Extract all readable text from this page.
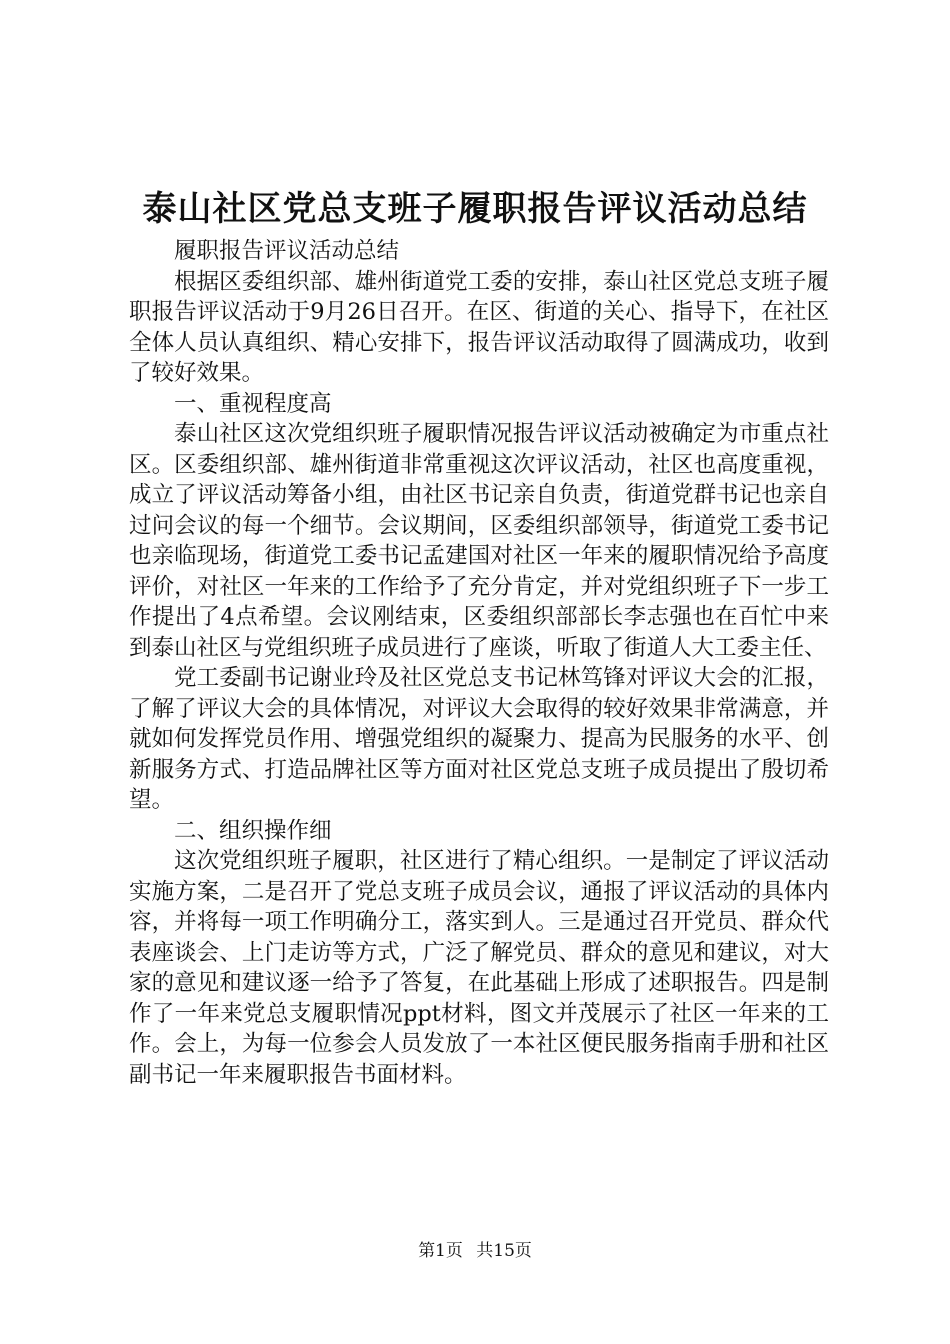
泰山社区党总支班子履职报告评议活动总结

履职报告评议活动总结

根据区委组织部、雄州街道党工委的安排，泰山社区党总支班子履职报告评议活动于9月26日召开。在区、街道的关心、指导下，在社区全体人员认真组织、精心安排下，报告评议活动取得了圆满成功，收到了较好效果。

一、重视程度高

泰山社区这次党组织班子履职情况报告评议活动被确定为市重点社区。区委组织部、雄州街道非常重视这次评议活动，社区也高度重视，成立了评议活动筹备小组，由社区书记亲自负责，街道党群书记也亲自过问会议的每一个细节。会议期间，区委组织部领导，街道党工委书记也亲临现场，街道党工委书记孟建国对社区一年来的履职情况给予高度评价，对社区一年来的工作给予了充分肯定，并对党组织班子下一步工作提出了4点希望。会议刚结束，区委组织部部长李志强也在百忙中来到泰山社区与党组织班子成员进行了座谈，听取了街道人大工委主任、

党工委副书记谢业玲及社区党总支书记林笃锋对评议大会的汇报，了解了评议大会的具体情况，对评议大会取得的较好效果非常满意，并就如何发挥党员作用、增强党组织的凝聚力、提高为民服务的水平、创新服务方式、打造品牌社区等方面对社区党总支班子成员提出了殷切希望。

二、组织操作细

这次党组织班子履职，社区进行了精心组织。一是制定了评议活动实施方案，二是召开了党总支班子成员会议，通报了评议活动的具体内容，并将每一项工作明确分工，落实到人。三是通过召开党员、群众代表座谈会、上门走访等方式，广泛了解党员、群众的意见和建议，对大家的意见和建议逐一给予了答复，在此基础上形成了述职报告。四是制作了一年来党总支履职情况ppt材料，图文并茂展示了社区一年来的工作。会上，为每一位参会人员发放了一本社区便民服务指南手册和社区副书记一年来履职报告书面材料。

第1页 共15页
